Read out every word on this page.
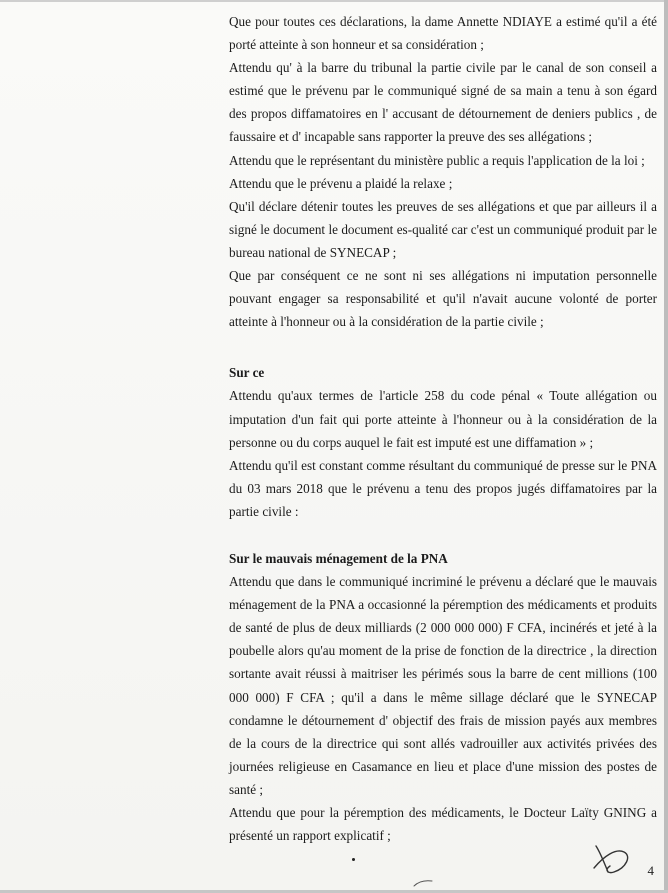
Que pour toutes ces déclarations, la dame Annette NDIAYE a estimé qu'il a été porté atteinte à son honneur et sa considération ;

Attendu qu' à la barre du tribunal la partie civile par le canal de son conseil a estimé que le prévenu par le communiqué signé de sa main a tenu à son égard des propos diffamatoires en l' accusant de détournement de deniers publics , de faussaire et d' incapable sans rapporter la preuve des ses allégations ;

Attendu que le représentant du ministère public a requis l'application de la loi ;

Attendu que le prévenu a plaidé la relaxe ;

Qu'il déclare détenir toutes les preuves de ses allégations et que par ailleurs il a signé le document le document es-qualité car c'est un communiqué produit par le bureau national de SYNECAP ;

Que par conséquent ce ne sont ni ses allégations ni imputation personnelle pouvant engager sa responsabilité et qu'il n'avait aucune volonté de porter atteinte à l'honneur ou à la considération de la partie civile ;

Sur ce

Attendu qu'aux termes de l'article 258 du code pénal « Toute allégation ou imputation d'un fait qui porte atteinte à l'honneur ou à la considération de la personne ou du corps auquel le fait est imputé est une diffamation » ;

Attendu qu'il est constant comme résultant du communiqué de presse sur le PNA du 03 mars 2018 que le prévenu a tenu des propos jugés diffamatoires par la partie civile :

Sur le mauvais ménagement de la PNA

Attendu que dans le communiqué incriminé le prévenu a déclaré que le mauvais ménagement de la PNA a occasionné la péremption des médicaments et produits de santé de plus de deux milliards (2 000 000 000) F CFA, incinérés et jeté à la poubelle alors qu'au moment de la prise de fonction de la directrice , la direction sortante avait réussi à maitriser les périmés sous la barre de cent millions (100 000 000) F CFA ; qu'il a dans le même sillage déclaré que le SYNECAP condamne le détournement d' objectif des frais de mission payés aux membres de la cours de la directrice qui sont allés vadrouiller aux activités privées des journées religieuse en Casamance en lieu et place d'une mission des postes de santé ;

Attendu que pour la péremption des médicaments, le Docteur Laïty GNING a présenté un rapport explicatif ;

4
